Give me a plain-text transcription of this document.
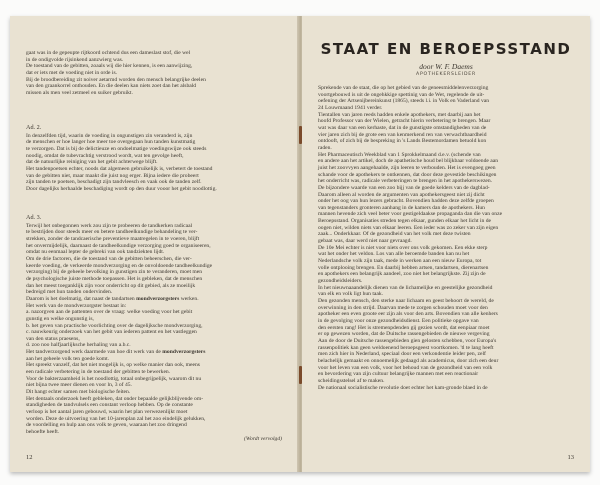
gaat was in de gepeupte rijtkoord ochtend dus een dameslast stof, die wel
in de ondigvolde rijsinkend aanzwierg was.
De toestand van de gebitten, zoaals wij die hier kennen, is een aanwijzing,
dat er iets met de voeding niet in orde is.
Bij de broodbereiding zit noiver aetarmd worden den mensch belangrijke deelen
van den graankorrel onthouden. En die deelen kan niets zoet dan het alsbald
missen als men veel zetmeel en suiker gebruikt.
Ad. 2.
In denzelfden tijd, waarin de voeding in ongunstigen zin veranderd is, zijn
de menschen er hoe langer hoe meer toe overgegaan hun tanden kunstmatig
te verzorgen. Dat is bij de delictieuze en ondoelmatige voedingswijze ook steeds
noodig, omdat de tubevrachtig verstrood wordt, wat ten gevolge heeft,
dat de natuurlijke reiniging van het gebit achterwege blijft.
Het tandenpoetsen echter, noods dat algemeen gebruikelijk is, verbetert de toestand
van de gebitten niet, maar maakt die juist nog erger. Bijna iedere die probeert
zijn tanden te poetsen, beschadigt zijn tandvleesch en vaak ook de tanden zelf.
Door dagelijks herhaalde beschadiging wordt op den duur vooor het gebit noodlottig.
Ad. 3.
Terwijl het onbegonnen werk zou zijn te probeeren de tandkerken radicaal
te bestrijden door steeds meer en betere tandheelkundige behandeling te ver-
strekken, zonder de tandcaerische preventieve maatregelen in te voeren, blijft
het onvermijdelijk, daarnaast de tandheelkundige verzorging goed te organiseeren,
omdat nu eenmaal lepter de gebreki van ook tandziekten lijdt.
Om de drie factoren, die de toestand van de gebitten beheerschen, die ver-
keerde voeding, de verkeerde mondverzorging en de onvoldoende tandheelkundige
verzorging) bij de geheele bevolking in gunstigen zin te veranderen, moet men
de psychologische juiste methode toepassen. Het is gebleken, dat de menschen
dan het meest toeganklijk zijn voor onderricht op dit gebied, als ze moeilijk
bedreigd met hun tanden ondervinden.
Daarom is het doelmatig, dat naast de tandartsen mondverzorgsters werken.
Het werk van de mondverzorgster bestaat in:
a. nazorgven aan de pattenten over de vraag: welke voeding voor het gebit
gunstig en welke ongunstig is,
b. het geven van practische voorlichting over de dagelijksche mondverzorging,
c. nauwkeurig onderzoek van het gebit van iederen pattent en het vastleggen
van den status praesens,
d. zoo noo halfjaarlijksche herhaling van a.b.c.
Het tandverzorgend werk daarmede van hoe dit werk van de mondverzorgsters
aan het geheele volk ten goede komt.
Het spreekt vanzelf, dat het niet mogelijk is, op welke manier dan ook, meens
een radicale verbetering in de toestand der gebitten te bewerken.
Voor de bakterzaamheid is het noodlottig, totaal onbegrijpelijk, waarom dit nu
niet bijna twee meer dienen en voor ln, 3 of 45.
Dit hangt echter samen met biologische feiten.
Het dentaals onderzoek heeft gebleken, dat onder bepaalde gelijkblijvende om-
standigheden de tandvulsels een constant verloop hebben. Op de constante
verloop is het aantal jaren gebouwd, waarin het plan verwezenlijkt moet
worden. Deze de uitvoering van het 10-jarenplan zal het zoo eindelijk gelukken,
de voordelling en hulp aan ons volk te geven, waaraan het zoo dringend
behoefte heeft.
(Wordt vervolgd)
12
STAAT EN BEROEPSSTAND
door W. F. Daems
APOTHEKERSLEIDER
Sprekende van de staat, die op het gebied van de geneesmiddelenverzorging
voortgebouwd is uit de ongehkkige spettinig van de Wet, regelende de uit-
oefening der Artsenijbereinkunst (1865), steeds l.i. in Volk en Vaderland van
24 Louwmaand 1941 verder.
Tientallen van jaren reeds hadden enkele apothekers, met daarbij aan het
hoofd Professor van der Wielen, getracht hierin verbetering te brengen. Maar
wat was daar van een kerhaste, dat in de gunstigste omstandigheden van de
vier jaren zich bij de grote een van kenmerkend ren van verwachtbaardheid
ontdooft, of zich bij de bespreking in 's Lands Bestemordamen betuold kon
raden.
Het Pharmaceutisch Weekblad van 1 Sprokkelmaand d.e.v. (schende van
en andere aan het artikel, doch de apathetische houd bel blijkbaar voldoende aan
juist het zoovvyen aangehaalde, zijn leeren te verbouden. Het is evengoeg geen
schande voor de apothekers te ontkennen, dat door deze gevestide beschikingen
het onderricht was, radicale verbeteringen te brengen in het apothekerswezen.
De bijzondere waarde van een zoo bijj van de goede kelders van de dagblad-
Daarom alleen al worden de argumenten van apothekersgeest niet zij dicht
onder het oog van hun lezers gebracht. Bovendien hadden deze zelfde groepen
van tegenstanders gronteren aanhang in de kamers dan de apothekers. Hun
mannen hevende zich veel beter voor gestigeldaakse propaganda dan die van onze
Beroepsstand. Organisaties streden tegen elkaar, gunden elkaar het licht in de
oogen niet, wilden niets van elkaar leeren. Een ieder was zo zeker van zijn eigen
zaak... Onderkkaar. Of de gezondheid van het volk met deze twisten
gebaat was, daar werd niet naar gevraagd.
De 10e Mei echter is niet voor niets over ons volk gekomen. Een ekke sterp
wat het onder het veldon. Los van alle beroemde banden kan nu het
Nederlandsche volk zijn taak, mede in werken aan een nieuw Europa, tot
volle ontplooing brengen. En daarbij hebben artsen, tandartsen, dierenartsen
en apothekers een belangrijk aandeel, zoo niet het belangrijkste. Zij zijn de
gezondheidsleiders.
In het nieuwnaaandelijk dienen van de lichamelijke en geestelijke gezondheid
van elk en volk ligt hun taak.
Den gezonden mensch, den sterke naar lichaam en geest behoort de wereld, de
overwinning in den strijd. Daarvan mede te zorgen schouden moet voor den
apotheker een even groote eer zijn als voor den arts. Bovendien van alle kenhers
in de gevolging voor onze gezondheidsdienst. Een politieke opgave van
den eersten rang! Het is stremenpdenden gij gezien wordt, dat eenpiaar moet
er op gewezen worden, dat de Duitsche rassengebieden de nieuwe vergeving
Aan de door de Duitsche rassengebieden gien gelosten schebben, voor Europa's
rassenpolitiek kan geen weldoenend beroepsgeest voortkomen. 'tl te lang heeft
men zich hier in Nederland, speciaal door een verkondentie leider pen, zelf
belachelijk gemaakt en onnoemelijk gedaagd als academicus, door zich een deur
voor het leven van een volk, voor het behoud van de gezondheid van een volk
en bevordering van zijn cultuur belangrijke mannen met een reactionair
scheidingsstelsel af te maken.
De nationaal socialistische revolutie doet echter het kam-gronde blaed in de
13
